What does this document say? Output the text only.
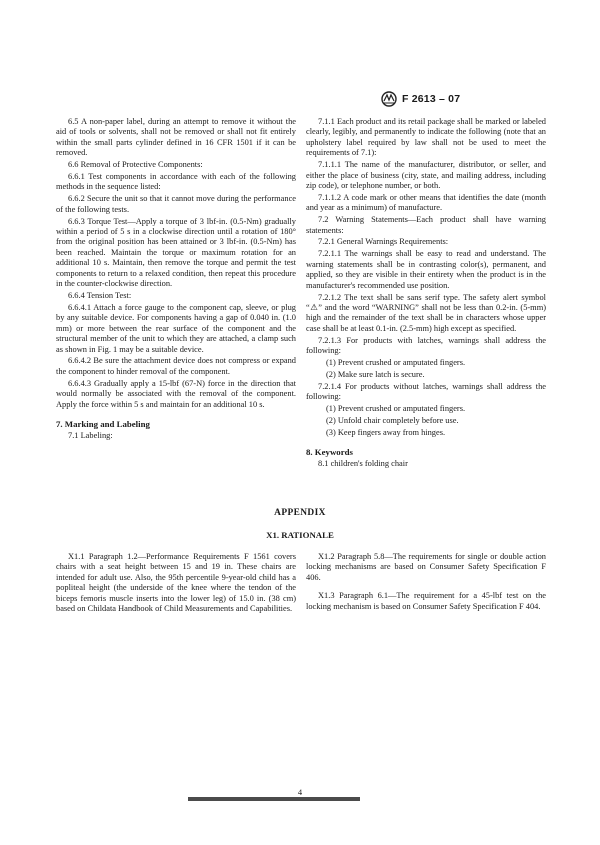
F 2613 – 07

6.5 A non-paper label, during an attempt to remove it without the aid of tools or solvents, shall not be removed or shall not fit entirely within the small parts cylinder defined in 16 CFR 1501 if it can be removed.

6.6 Removal of Protective Components:

6.6.1 Test components in accordance with each of the following methods in the sequence listed:

6.6.2 Secure the unit so that it cannot move during the performance of the following tests.

6.6.3 Torque Test—Apply a torque of 3 lbf-in. (0.5-Nm) gradually within a period of 5 s in a clockwise direction until a rotation of 180° from the original position has been attained or 3 lbf-in. (0.5-Nm) has been reached. Maintain the torque or maximum rotation for an additional 10 s. Maintain, then remove the torque and permit the test components to return to a relaxed condition, then repeat this procedure in the counter-clockwise direction.

6.6.4 Tension Test:

6.6.4.1 Attach a force gauge to the component cap, sleeve, or plug by any suitable device. For components having a gap of 0.040 in. (1.0 mm) or more between the rear surface of the component and the structural member of the unit to which they are attached, a clamp such as shown in Fig. 1 may be a suitable device.

6.6.4.2 Be sure the attachment device does not compress or expand the component to hinder removal of the component.

6.6.4.3 Gradually apply a 15-lbf (67-N) force in the direction that would normally be associated with the removal of the component. Apply the force within 5 s and maintain for an additional 10 s.

7. Marking and Labeling

7.1 Labeling:

7.1.1 Each product and its retail package shall be marked or labeled clearly, legibly, and permanently to indicate the following (note that an upholstery label required by law shall not be used to meet the requirements of 7.1):

7.1.1.1 The name of the manufacturer, distributor, or seller, and either the place of business (city, state, and mailing address, including zip code), or telephone number, or both.

7.1.1.2 A code mark or other means that identifies the date (month and year as a minimum) of manufacture.

7.2 Warning Statements—Each product shall have warning statements:

7.2.1 General Warnings Requirements:

7.2.1.1 The warnings shall be easy to read and understand. The warning statements shall be in contrasting color(s), permanent, and applied, so they are visible in their entirety when the product is in the manufacturer's recommended use position.

7.2.1.2 The text shall be sans serif type. The safety alert symbol “⚠” and the word “WARNING” shall not be less than 0.2-in. (5-mm) high and the remainder of the text shall be in characters whose upper case shall be at least 0.1-in. (2.5-mm) high except as specified.

7.2.1.3 For products with latches, warnings shall address the following:

(1) Prevent crushed or amputated fingers.

(2) Make sure latch is secure.

7.2.1.4 For products without latches, warnings shall address the following:

(1) Prevent crushed or amputated fingers.

(2) Unfold chair completely before use.

(3) Keep fingers away from hinges.

8. Keywords

8.1 children's folding chair

APPENDIX
X1. RATIONALE

X1.1 Paragraph 1.2—Performance Requirements F 1561 covers chairs with a seat height between 15 and 19 in. These chairs are intended for adult use. Also, the 95th percentile 9-year-old child has a popliteal height (the underside of the knee where the tendon of the biceps femoris muscle inserts into the lower leg) of 15.0 in. (38 cm) based on Childata Handbook of Child Measurements and Capabilities.

X1.2 Paragraph 5.8—The requirements for single or double action locking mechanisms are based on Consumer Safety Specification F 406.

X1.3 Paragraph 6.1—The requirement for a 45-lbf test on the locking mechanism is based on Consumer Safety Specification F 404.

4
